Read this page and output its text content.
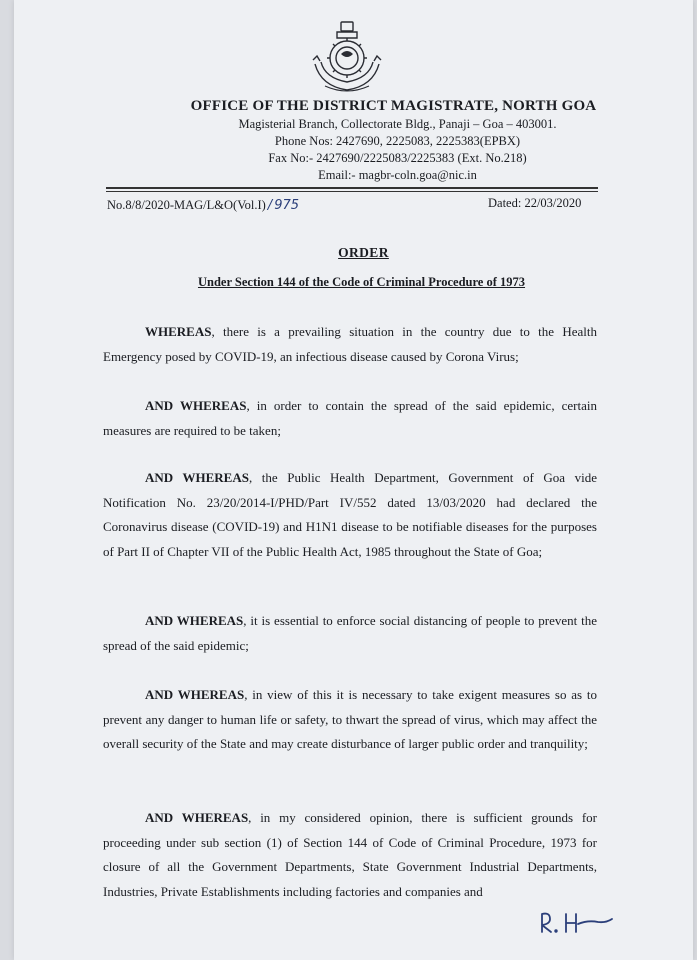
OFFICE OF THE DISTRICT MAGISTRATE, NORTH GOA

Magisterial Branch, Collectorate Bldg., Panaji – Goa – 403001.

Phone Nos: 2427690, 2225083, 2225383(EPBX)

Fax No:- 2427690/2225083/2225383 (Ext. No.218)

Email:- magbr-coln.goa@nic.in

No.8/8/2020-MAG/L&O(Vol.I)/ 975	Dated: 22/03/2020
ORDER
Under Section 144 of the Code of Criminal Procedure of 1973

WHEREAS, there is a prevailing situation in the country due to the Health Emergency posed by COVID-19, an infectious disease caused by Corona Virus;

AND WHEREAS, in order to contain the spread of the said epidemic, certain measures are required to be taken;

AND WHEREAS, the Public Health Department, Government of Goa vide Notification No. 23/20/2014-I/PHD/Part IV/552 dated 13/03/2020 had declared the Coronavirus disease (COVID-19) and H1N1 disease to be notifiable diseases for the purposes of Part II of Chapter VII of the Public Health Act, 1985 throughout the State of Goa;

AND WHEREAS, it is essential to enforce social distancing of people to prevent the spread of the said epidemic;

AND WHEREAS, in view of this it is necessary to take exigent measures so as to prevent any danger to human life or safety, to thwart the spread of virus, which may affect the overall security of the State and may create disturbance of larger public order and tranquility;

AND WHEREAS, in my considered opinion, there is sufficient grounds for proceeding under sub section (1) of Section 144 of Code of Criminal Procedure, 1973 for closure of all the Government Departments, State Government Industrial Departments, Industries, Private Establishments including factories and companies and
